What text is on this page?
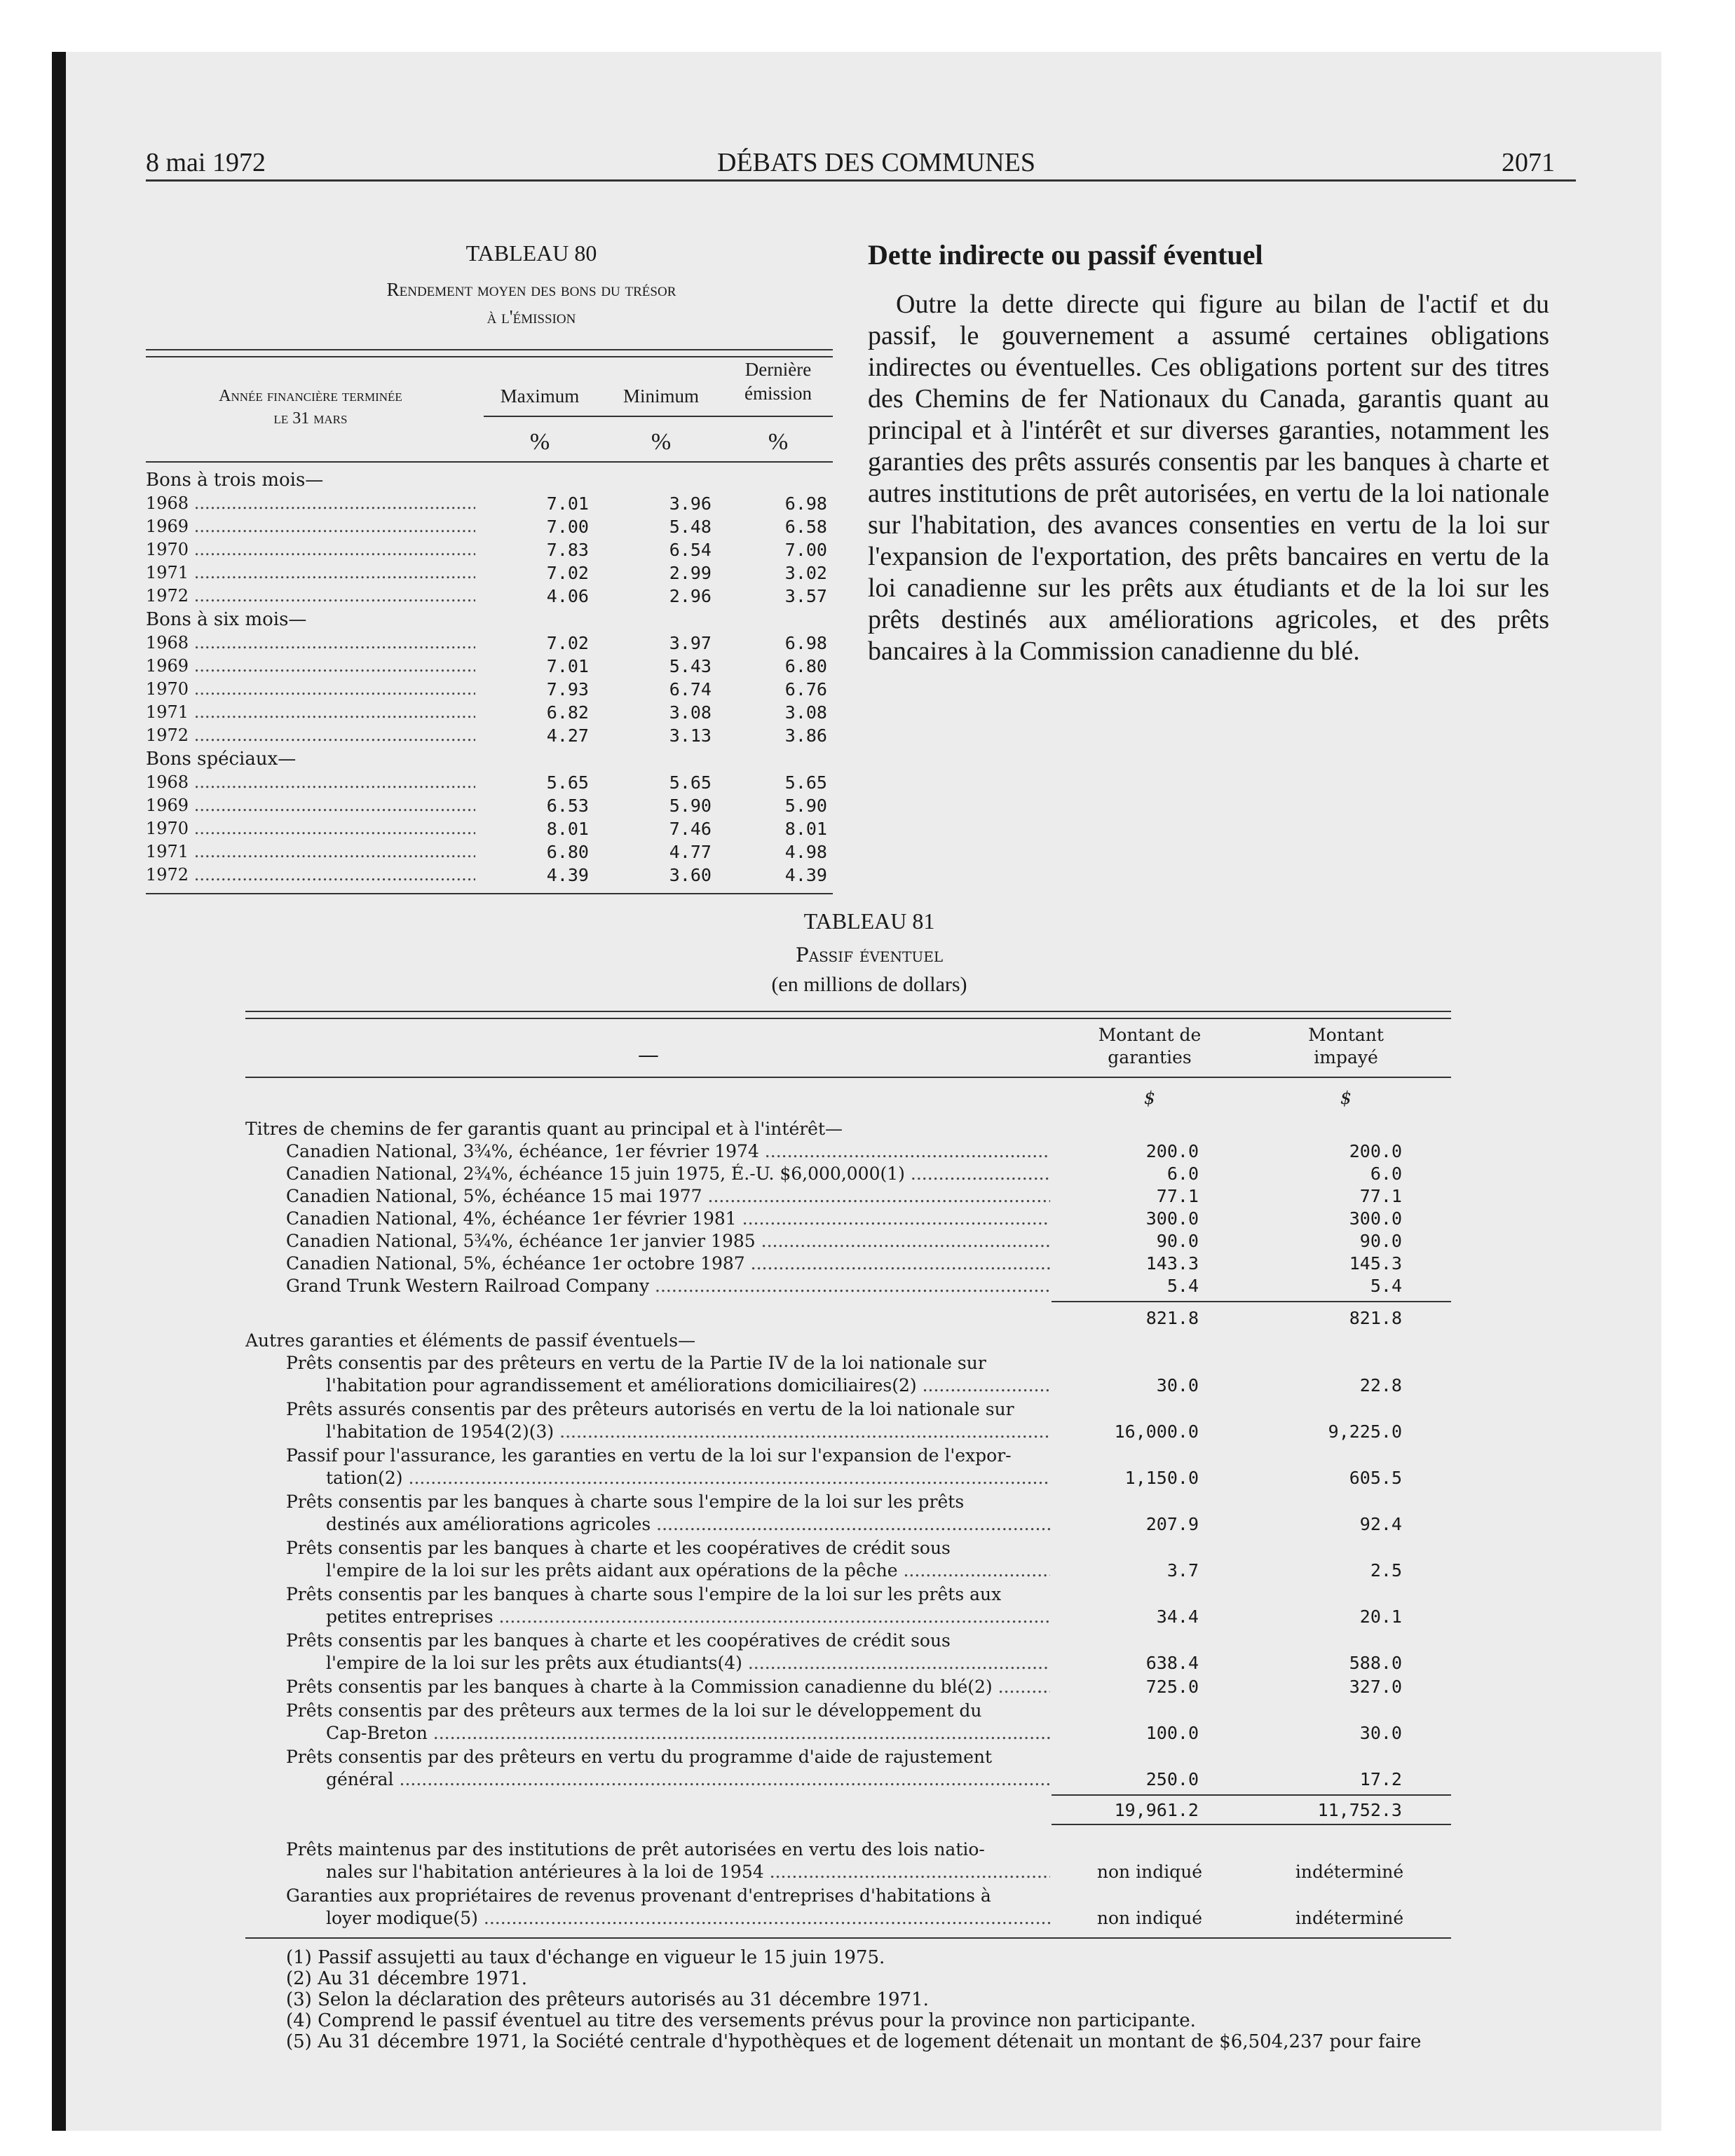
8 mai 1972	DÉBATS DES COMMUNES	2071
TABLEAU 80
Rendement moyen des bons du trésor
à l'émission
Année financière terminée
le 31 mars
Maximum	Minimum
Dernière
émission
%	%	%
Bons à trois mois—
1968 .....	7.01	3.96	6.98
1969 .....	7.00	5.48	6.58
1970 .....	7.83	6.54	7.00
1971 .....	7.02	2.99	3.02
1972 .....	4.06	2.96	3.57
Bons à six mois—
1968 .....	7.02	3.97	6.98
1969 .....	7.01	5.43	6.80
1970 .....	7.93	6.74	6.76
1971 .....	6.82	3.08	3.08
1972 .....	4.27	3.13	3.86
Bons spéciaux—
1968 .....	5.65	5.65	5.65
1969 .....	6.53	5.90	5.90
1970 .....	8.01	7.46	8.01
1971 .....	6.80	4.77	4.98
1972 .....	4.39	3.60	4.39
Dette indirecte ou passif éventuel

Outre la dette directe qui figure au bilan de l'actif et du passif, le gouvernement a assumé certaines obligations indirectes ou éventuelles. Ces obligations portent sur des titres des Chemins de fer Nationaux du Canada, garantis quant au principal et à l'intérêt et sur diverses garanties, notamment les garanties des prêts assurés consentis par les banques à charte et autres institutions de prêt autorisées, en vertu de la loi nationale sur l'habitation, des avances consenties en vertu de la loi sur l'expansion de l'exportation, des prêts bancaires en vertu de la loi canadienne sur les prêts aux étudiants et de la loi sur les prêts destinés aux améliorations agricoles, et des prêts bancaires à la Commission canadienne du blé.

TABLEAU 81
Passif éventuel
(en millions de dollars)
—
Montant de
garanties
Montant
impayé
$	$
Titres de chemins de fer garantis quant au principal et à l'intérêt—
Canadien National, 3¾%, échéance, 1er février 1974 .....	200.0	200.0
Canadien National, 2¾%, échéance 15 juin 1975, É.-U. $6,000,000(1) .....	6.0	6.0
Canadien National, 5%, échéance 15 mai 1977 .....	77.1	77.1
Canadien National, 4%, échéance 1er février 1981 .....	300.0	300.0
Canadien National, 5¾%, échéance 1er janvier 1985 .....	90.0	90.0
Canadien National, 5%, échéance 1er octobre 1987 .....	143.3	145.3
Grand Trunk Western Railroad Company .....	5.4	5.4
821.8	821.8
Autres garanties et éléments de passif éventuels—
Prêts consentis par des prêteurs en vertu de la Partie IV de la loi nationale sur
l'habitation pour agrandissement et améliorations domiciliaires(2) .....	30.0	22.8
Prêts assurés consentis par des prêteurs autorisés en vertu de la loi nationale sur
l'habitation de 1954(2)(3) .....	16,000.0	9,225.0
Passif pour l'assurance, les garanties en vertu de la loi sur l'expansion de l'expor-
tation(2) .....	1,150.0	605.5
Prêts consentis par les banques à charte sous l'empire de la loi sur les prêts
destinés aux améliorations agricoles .....	207.9	92.4
Prêts consentis par les banques à charte et les coopératives de crédit sous
l'empire de la loi sur les prêts aidant aux opérations de la pêche .....	3.7	2.5
Prêts consentis par les banques à charte sous l'empire de la loi sur les prêts aux
petites entreprises .....	34.4	20.1
Prêts consentis par les banques à charte et les coopératives de crédit sous
l'empire de la loi sur les prêts aux étudiants(4) .....	638.4	588.0
Prêts consentis par les banques à charte à la Commission canadienne du blé(2) .....	725.0	327.0
Prêts consentis par des prêteurs aux termes de la loi sur le développement du
Cap-Breton .....	100.0	30.0
Prêts consentis par des prêteurs en vertu du programme d'aide de rajustement
général .....	250.0	17.2
19,961.2	11,752.3
Prêts maintenus par des institutions de prêt autorisées en vertu des lois natio-
nales sur l'habitation antérieures à la loi de 1954 .....	non indiqué	indéterminé
Garanties aux propriétaires de revenus provenant d'entreprises d'habitations à
loyer modique(5) .....	non indiqué	indéterminé
(1) Passif assujetti au taux d'échange en vigueur le 15 juin 1975.
(2) Au 31 décembre 1971.
(3) Selon la déclaration des prêteurs autorisés au 31 décembre 1971.
(4) Comprend le passif éventuel au titre des versements prévus pour la province non participante.
(5) Au 31 décembre 1971, la Société centrale d'hypothèques et de logement détenait un montant de $6,504,237 pour faire
